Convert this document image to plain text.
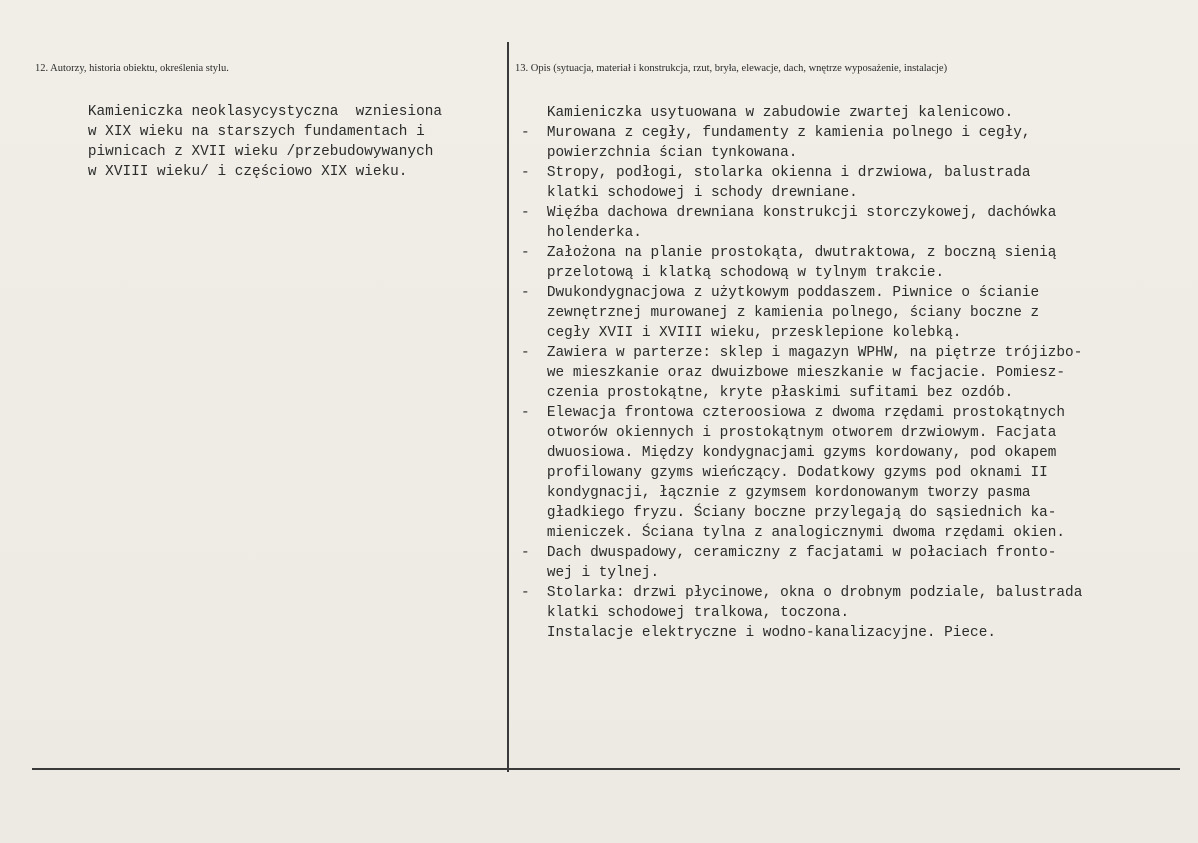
12. Autorzy, historia obiektu, określenia stylu.	13. Opis (sytuacja, materiał i konstrukcja, rzut, bryła, elewacje, dach, wnętrze wyposażenie, instalacje)
Kamieniczka neoklasycystyczna  wzniesiona
w XIX wieku na starszych fundamentach i
piwnicach z XVII wieku /przebudowywanych
w XVIII wieku/ i częściowo XIX wieku.
Kamieniczka usytuowana w zabudowie zwartej kalenicowo.
-  Murowana z cegły, fundamenty z kamienia polnego i cegły,
powierzchnia ścian tynkowana.
-  Stropy, podłogi, stolarka okienna i drzwiowa, balustrada
klatki schodowej i schody drewniane.
-  Więźba dachowa drewniana konstrukcji storczykowej, dachówka
holenderka.
-  Założona na planie prostokąta, dwutraktowa, z boczną sienią
przelotową i klatką schodową w tylnym trakcie.
-  Dwukondygnacjowa z użytkowym poddaszem. Piwnice o ścianie
zewnętrznej murowanej z kamienia polnego, ściany boczne z
cegły XVII i XVIII wieku, przesklepione kolebką.
-  Zawiera w parterze: sklep i magazyn WPHW, na piętrze trójizbo-
we mieszkanie oraz dwuizbowe mieszkanie w facjacie. Pomiesz-
czenia prostokątne, kryte płaskimi sufitami bez ozdób.
-  Elewacja frontowa czteroosiowa z dwoma rzędami prostokątnych
otworów okiennych i prostokątnym otworem drzwiowym. Facjata
dwuosiowa. Między kondygnacjami gzyms kordowany, pod okapem
profilowany gzyms wieńczący. Dodatkowy gzyms pod oknami II
kondygnacji, łącznie z gzymsem kordonowanym tworzy pasma
gładkiego fryzu. Ściany boczne przylegają do sąsiednich ka-
mieniczek. Ściana tylna z analogicznymi dwoma rzędami okien.
-  Dach dwuspadowy, ceramiczny z facjatami w połaciach fronto-
wej i tylnej.
-  Stolarka: drzwi płycinowe, okna o drobnym podziale, balustrada
klatki schodowej tralkowa, toczona.
Instalacje elektryczne i wodno-kanalizacyjne. Piece.
